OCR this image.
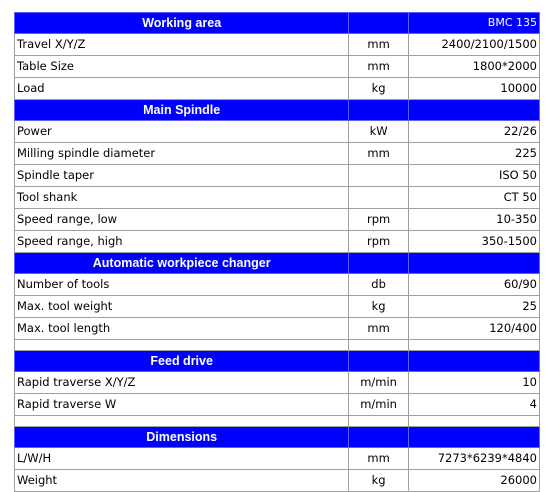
Working area		BMC 135
Travel X/Y/Z	mm	2400/2100/1500
Table Size	mm	1800*2000
Load	kg	10000
Main Spindle		
Power	kW	22/26
Milling spindle diameter	mm	225
Spindle taper		ISO 50
Tool shank		CT 50
Speed range, low	rpm	10-350
Speed range, high	rpm	350-1500
Automatic workpiece changer		
Number of tools	db	60/90
Max. tool weight	kg	25
Max. tool length	mm	120/400

Feed drive		
Rapid traverse X/Y/Z	m/min	10
Rapid traverse W	m/min	4

Dimensions		
L/W/H	mm	7273*6239*4840
Weight	kg	26000
